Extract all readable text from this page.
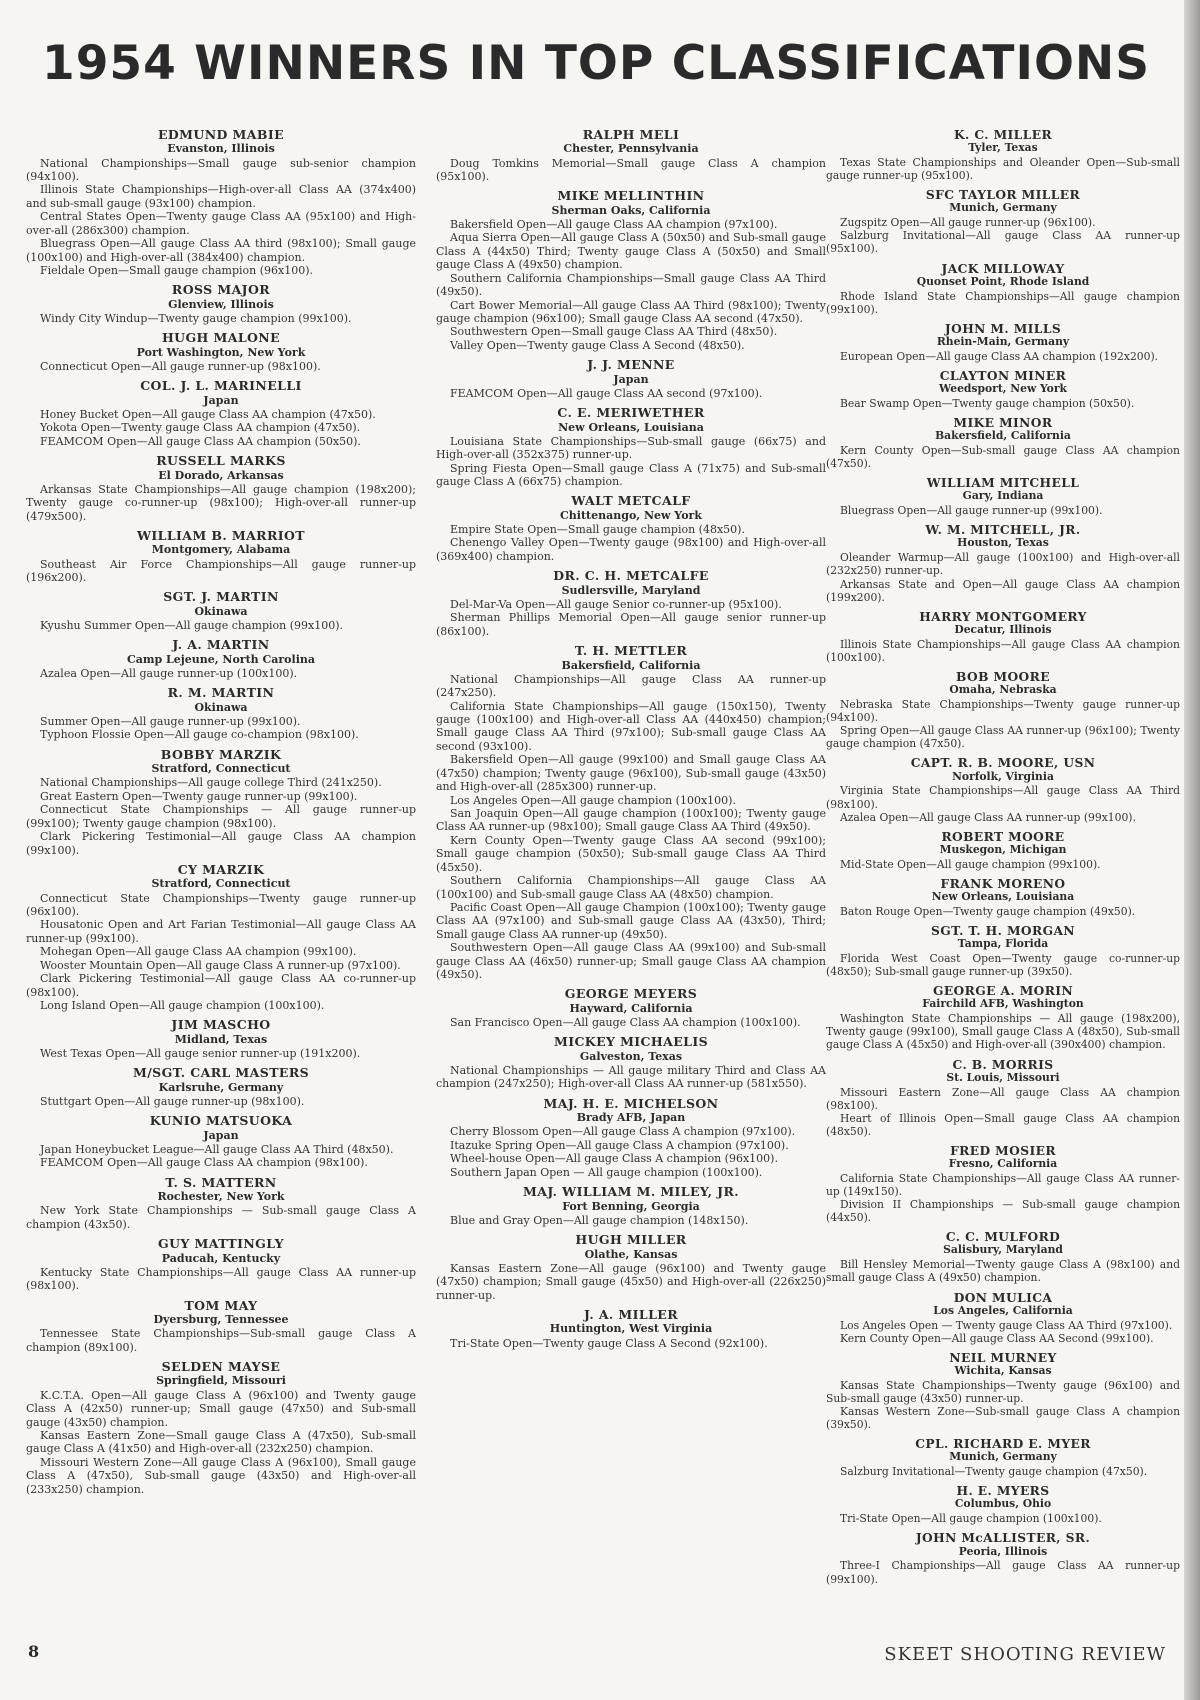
1954 WINNERS IN TOP CLASSIFICATIONS
EDMUND MABIE
Evanston, Illinois

National Championships—Small gauge sub-senior champion (94x100).

Illinois State Championships—High-over-all Class AA (374x400) and sub-small gauge (93x100) champion.

Central States Open—Twenty gauge Class AA (95x100) and High-over-all (286x300) champion.

Bluegrass Open—All gauge Class AA third (98x100); Small gauge (100x100) and High-over-all (384x400) champion.

Fieldale Open—Small gauge champion (96x100).

ROSS MAJOR
Glenview, Illinois

Windy City Windup—Twenty gauge champion (99x100).

HUGH MALONE
Port Washington, New York

Connecticut Open—All gauge runner-up (98x100).

COL. J. L. MARINELLI
Japan

Honey Bucket Open—All gauge Class AA champion (47x50).

Yokota Open—Twenty gauge Class AA champion (47x50).

FEAMCOM Open—All gauge Class AA champion (50x50).

RUSSELL MARKS
El Dorado, Arkansas

Arkansas State Championships—All gauge champion (198x200); Twenty gauge co-runner-up (98x100); High-over-all runner-up (479x500).

WILLIAM B. MARRIOT
Montgomery, Alabama

Southeast Air Force Championships—All gauge runner-up (196x200).

SGT. J. MARTIN
Okinawa

Kyushu Summer Open—All gauge champion (99x100).

J. A. MARTIN
Camp Lejeune, North Carolina

Azalea Open—All gauge runner-up (100x100).

R. M. MARTIN
Okinawa

Summer Open—All gauge runner-up (99x100).

Typhoon Flossie Open—All gauge co-champion (98x100).

BOBBY MARZIK
Stratford, Connecticut

National Championships—All gauge college Third (241x250).

Great Eastern Open—Twenty gauge runner-up (99x100).

Connecticut State Championships — All gauge runner-up (99x100); Twenty gauge champion (98x100).

Clark Pickering Testimonial—All gauge Class AA champion (99x100).

CY MARZIK
Stratford, Connecticut

Connecticut State Championships—Twenty gauge runner-up (96x100).

Housatonic Open and Art Farian Testimonial—All gauge Class AA runner-up (99x100).

Mohegan Open—All gauge Class AA champion (99x100).

Wooster Mountain Open—All gauge Class A runner-up (97x100).

Clark Pickering Testimonial—All gauge Class AA co-runner-up (98x100).

Long Island Open—All gauge champion (100x100).

JIM MASCHO
Midland, Texas

West Texas Open—All gauge senior runner-up (191x200).

M/SGT. CARL MASTERS
Karlsruhe, Germany

Stuttgart Open—All gauge runner-up (98x100).

KUNIO MATSUOKA
Japan

Japan Honeybucket League—All gauge Class AA Third (48x50).

FEAMCOM Open—All gauge Class AA champion (98x100).

T. S. MATTERN
Rochester, New York

New York State Championships — Sub-small gauge Class A champion (43x50).

GUY MATTINGLY
Paducah, Kentucky

Kentucky State Championships—All gauge Class AA runner-up (98x100).

TOM MAY
Dyersburg, Tennessee

Tennessee State Championships—Sub-small gauge Class A champion (89x100).

SELDEN MAYSE
Springfield, Missouri

K.C.T.A. Open—All gauge Class A (96x100) and Twenty gauge Class A (42x50) runner-up; Small gauge (47x50) and Sub-small gauge (43x50) champion.

Kansas Eastern Zone—Small gauge Class A (47x50), Sub-small gauge Class A (41x50) and High-over-all (232x250) champion.

Missouri Western Zone—All gauge Class A (96x100), Small gauge Class A (47x50), Sub-small gauge (43x50) and High-over-all (233x250) champion.

RALPH MELI
Chester, Pennsylvania

Doug Tomkins Memorial—Small gauge Class A champion (95x100).

MIKE MELLINTHIN
Sherman Oaks, California

Bakersfield Open—All gauge Class AA champion (97x100).

Aqua Sierra Open—All gauge Class A (50x50) and Sub-small gauge Class A (44x50) Third; Twenty gauge Class A (50x50) and Small gauge Class A (49x50) champion.

Southern California Championships—Small gauge Class AA Third (49x50).

Cart Bower Memorial—All gauge Class AA Third (98x100); Twenty gauge champion (96x100); Small gauge Class AA second (47x50).

Southwestern Open—Small gauge Class AA Third (48x50).

Valley Open—Twenty gauge Class A Second (48x50).

J. J. MENNE
Japan

FEAMCOM Open—All gauge Class AA second (97x100).

C. E. MERIWETHER
New Orleans, Louisiana

Louisiana State Championships—Sub-small gauge (66x75) and High-over-all (352x375) runner-up.

Spring Fiesta Open—Small gauge Class A (71x75) and Sub-small gauge Class A (66x75) champion.

WALT METCALF
Chittenango, New York

Empire State Open—Small gauge champion (48x50).

Chenengo Valley Open—Twenty gauge (98x100) and High-over-all (369x400) champion.

DR. C. H. METCALFE
Sudlersville, Maryland

Del-Mar-Va Open—All gauge Senior co-runner-up (95x100).

Sherman Phillips Memorial Open—All gauge senior runner-up (86x100).

T. H. METTLER
Bakersfield, California

National Championships—All gauge Class AA runner-up (247x250).

California State Championships—All gauge (150x150), Twenty gauge (100x100) and High-over-all Class AA (440x450) champion; Small gauge Class AA Third (97x100); Sub-small gauge Class AA second (93x100).

Bakersfield Open—All gauge (99x100) and Small gauge Class AA (47x50) champion; Twenty gauge (96x100), Sub-small gauge (43x50) and High-over-all (285x300) runner-up.

Los Angeles Open—All gauge champion (100x100).

San Joaquin Open—All gauge champion (100x100); Twenty gauge Class AA runner-up (98x100); Small gauge Class AA Third (49x50).

Kern County Open—Twenty gauge Class AA second (99x100); Small gauge champion (50x50); Sub-small gauge Class AA Third (45x50).

Southern California Championships—All gauge Class AA (100x100) and Sub-small gauge Class AA (48x50) champion.

Pacific Coast Open—All gauge Champion (100x100); Twenty gauge Class AA (97x100) and Sub-small gauge Class AA (43x50), Third; Small gauge Class AA runner-up (49x50).

Southwestern Open—All gauge Class AA (99x100) and Sub-small gauge Class AA (46x50) runner-up; Small gauge Class AA champion (49x50).

GEORGE MEYERS
Hayward, California

San Francisco Open—All gauge Class AA champion (100x100).

MICKEY MICHAELIS
Galveston, Texas

National Championships — All gauge military Third and Class AA champion (247x250); High-over-all Class AA runner-up (581x550).

MAJ. H. E. MICHELSON
Brady AFB, Japan

Cherry Blossom Open—All gauge Class A champion (97x100).

Itazuke Spring Open—All gauge Class A champion (97x100).

Wheel-house Open—All gauge Class A champion (96x100).

Southern Japan Open — All gauge champion (100x100).

MAJ. WILLIAM M. MILEY, JR.
Fort Benning, Georgia

Blue and Gray Open—All gauge champion (148x150).

HUGH MILLER
Olathe, Kansas

Kansas Eastern Zone—All gauge (96x100) and Twenty gauge (47x50) champion; Small gauge (45x50) and High-over-all (226x250) runner-up.

J. A. MILLER
Huntington, West Virginia

Tri-State Open—Twenty gauge Class A Second (92x100).

K. C. MILLER
Tyler, Texas

Texas State Championships and Oleander Open—Sub-small gauge runner-up (95x100).

SFC TAYLOR MILLER
Munich, Germany

Zugspitz Open—All gauge runner-up (96x100).

Salzburg Invitational—All gauge Class AA runner-up (95x100).

JACK MILLOWAY
Quonset Point, Rhode Island

Rhode Island State Championships—All gauge champion (99x100).

JOHN M. MILLS
Rhein-Main, Germany

European Open—All gauge Class AA champion (192x200).

CLAYTON MINER
Weedsport, New York

Bear Swamp Open—Twenty gauge champion (50x50).

MIKE MINOR
Bakersfield, California

Kern County Open—Sub-small gauge Class AA champion (47x50).

WILLIAM MITCHELL
Gary, Indiana

Bluegrass Open—All gauge runner-up (99x100).

W. M. MITCHELL, JR.
Houston, Texas

Oleander Warmup—All gauge (100x100) and High-over-all (232x250) runner-up.

Arkansas State and Open—All gauge Class AA champion (199x200).

HARRY MONTGOMERY
Decatur, Illinois

Illinois State Championships—All gauge Class AA champion (100x100).

BOB MOORE
Omaha, Nebraska

Nebraska State Championships—Twenty gauge runner-up (94x100).

Spring Open—All gauge Class AA runner-up (96x100); Twenty gauge champion (47x50).

CAPT. R. B. MOORE, USN
Norfolk, Virginia

Virginia State Championships—All gauge Class AA Third (98x100).

Azalea Open—All gauge Class AA runner-up (99x100).

ROBERT MOORE
Muskegon, Michigan

Mid-State Open—All gauge champion (99x100).

FRANK MORENO
New Orleans, Louisiana

Baton Rouge Open—Twenty gauge champion (49x50).

SGT. T. H. MORGAN
Tampa, Florida

Florida West Coast Open—Twenty gauge co-runner-up (48x50); Sub-small gauge runner-up (39x50).

GEORGE A. MORIN
Fairchild AFB, Washington

Washington State Championships — All gauge (198x200), Twenty gauge (99x100), Small gauge Class A (48x50), Sub-small gauge Class A (45x50) and High-over-all (390x400) champion.

C. B. MORRIS
St. Louis, Missouri

Missouri Eastern Zone—All gauge Class AA champion (98x100).

Heart of Illinois Open—Small gauge Class AA champion (48x50).

FRED MOSIER
Fresno, California

California State Championships—All gauge Class AA runner-up (149x150).

Division II Championships — Sub-small gauge champion (44x50).

C. C. MULFORD
Salisbury, Maryland

Bill Hensley Memorial—Twenty gauge Class A (98x100) and small gauge Class A (49x50) champion.

DON MULICA
Los Angeles, California

Los Angeles Open — Twenty gauge Class AA Third (97x100).

Kern County Open—All gauge Class AA Second (99x100).

NEIL MURNEY
Wichita, Kansas

Kansas State Championships—Twenty gauge (96x100) and Sub-small gauge (43x50) runner-up.

Kansas Western Zone—Sub-small gauge Class A champion (39x50).

CPL. RICHARD E. MYER
Munich, Germany

Salzburg Invitational—Twenty gauge champion (47x50).

H. E. MYERS
Columbus, Ohio

Tri-State Open—All gauge champion (100x100).

JOHN McALLISTER, SR.
Peoria, Illinois

Three-I Championships—All gauge Class AA runner-up (99x100).

8	SKEET SHOOTING REVIEW
